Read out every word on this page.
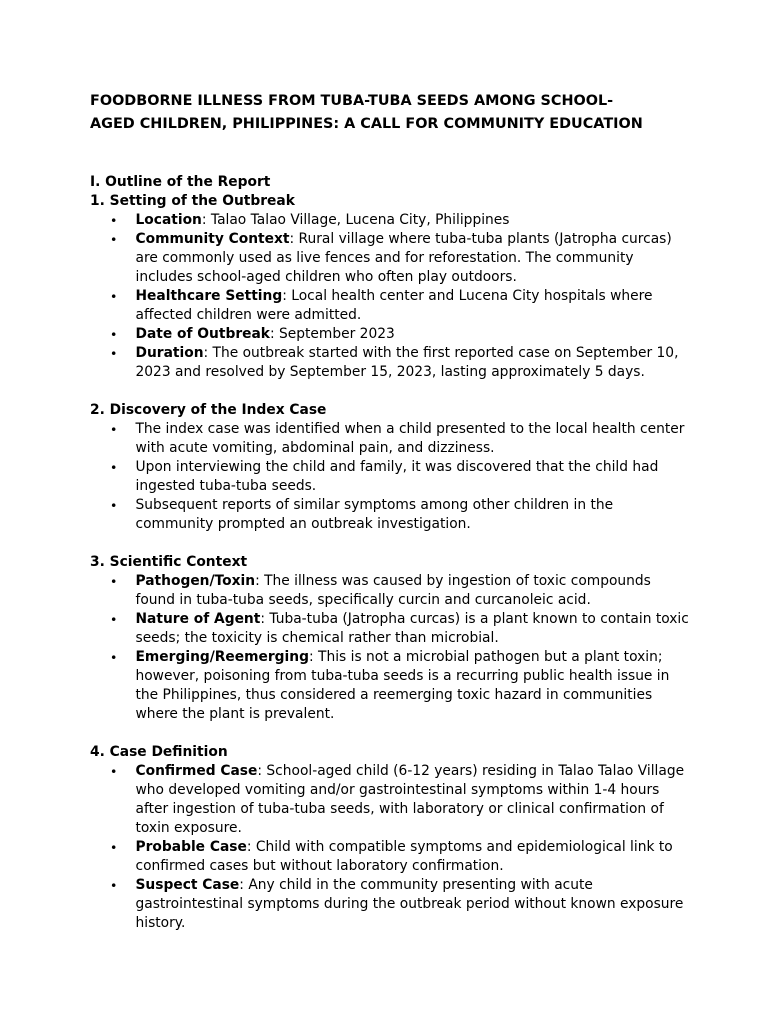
FOODBORNE ILLNESS FROM TUBA-TUBA SEEDS AMONG SCHOOL-
AGED CHILDREN, PHILIPPINES: A CALL FOR COMMUNITY EDUCATION
I. Outline of the Report
1. Setting of the Outbreak
• Location: Talao Talao Village, Lucena City, Philippines
• Community Context: Rural village where tuba-tuba plants (Jatropha curcas) are commonly used as live fences and for reforestation. The community includes school-aged children who often play outdoors.
• Healthcare Setting: Local health center and Lucena City hospitals where affected children were admitted.
• Date of Outbreak: September 2023
• Duration: The outbreak started with the first reported case on September 10, 2023 and resolved by September 15, 2023, lasting approximately 5 days.
2. Discovery of the Index Case
• The index case was identified when a child presented to the local health center with acute vomiting, abdominal pain, and dizziness.
• Upon interviewing the child and family, it was discovered that the child had ingested tuba-tuba seeds.
• Subsequent reports of similar symptoms among other children in the community prompted an outbreak investigation.
3. Scientific Context
• Pathogen/Toxin: The illness was caused by ingestion of toxic compounds found in tuba-tuba seeds, specifically curcin and curcanoleic acid.
• Nature of Agent: Tuba-tuba (Jatropha curcas) is a plant known to contain toxic seeds; the toxicity is chemical rather than microbial.
• Emerging/Reemerging: This is not a microbial pathogen but a plant toxin; however, poisoning from tuba-tuba seeds is a recurring public health issue in the Philippines, thus considered a reemerging toxic hazard in communities where the plant is prevalent.
4. Case Definition
• Confirmed Case: School-aged child (6-12 years) residing in Talao Talao Village who developed vomiting and/or gastrointestinal symptoms within 1-4 hours after ingestion of tuba-tuba seeds, with laboratory or clinical confirmation of toxin exposure.
• Probable Case: Child with compatible symptoms and epidemiological link to confirmed cases but without laboratory confirmation.
• Suspect Case: Any child in the community presenting with acute gastrointestinal symptoms during the outbreak period without known exposure history.
